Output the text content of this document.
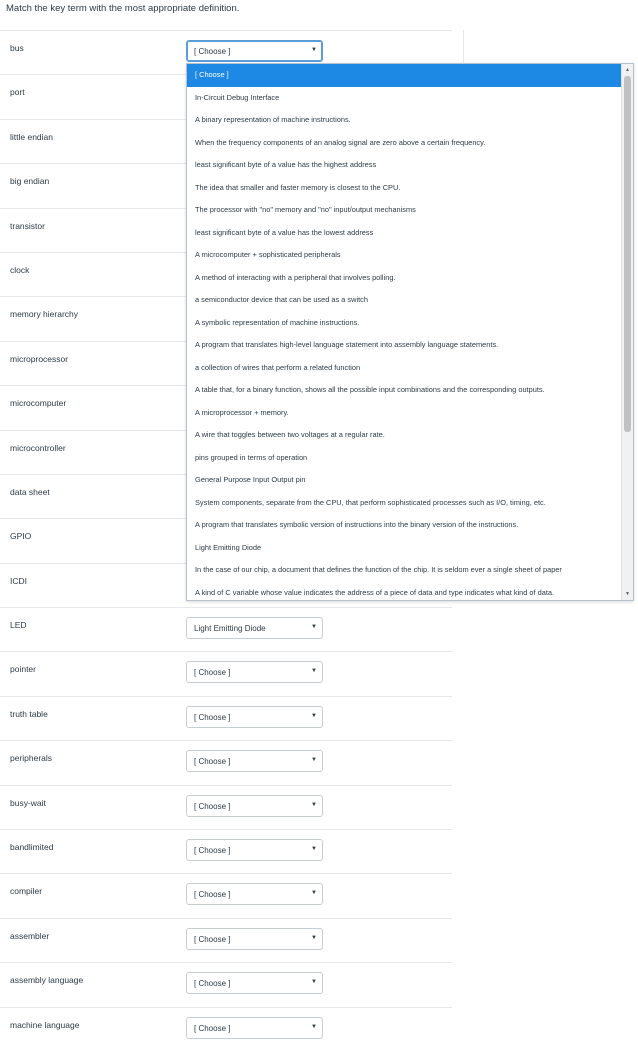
Match the key term with the most appropriate definition.
bus	[ Choose ]	▼
port
little endian
big endian
transistor
clock
memory hierarchy
microprocessor
microcomputer
microcontroller
data sheet
GPIO
ICDI
LED	Light Emitting Diode	▼
pointer	[ Choose ]	▼
truth table	[ Choose ]	▼
peripherals	[ Choose ]	▼
busy-wait	[ Choose ]	▼
bandlimited	[ Choose ]	▼
compiler	[ Choose ]	▼
assembler	[ Choose ]	▼
assembly language	[ Choose ]	▼
machine language	[ Choose ]	▼
[ Choose ]
In-Circuit Debug Interface
A binary representation of machine instructions.
When the frequency components of an analog signal are zero above a certain frequency.
least significant byte of a value has the highest address
The idea that smaller and faster memory is closest to the CPU.
The processor with "no" memory and "no" input/output mechanisms
least significant byte of a value has the lowest address
A microcomputer + sophisticated peripherals
A method of interacting with a peripheral that involves polling.
a semiconductor device that can be used as a switch
A symbolic representation of machine instructions.
A program that translates high-level language statement into assembly language statements.
a collection of wires that perform a related function
A table that, for a binary function, shows all the possible input combinations and the corresponding outputs.
A microprocessor + memory.
A wire that toggles between two voltages at a regular rate.
pins grouped in terms of operation
General Purpose Input Output pin
System components, separate from the CPU, that perform sophisticated processes such as I/O, timing, etc.
A program that translates symbolic version of instructions into the binary version of the instructions.
Light Emitting Diode
In the case of our chip, a document that defines the function of the chip. It is seldom ever a single sheet of paper
A kind of C variable whose value indicates the address of a piece of data and type indicates what kind of data.
▲
▼
